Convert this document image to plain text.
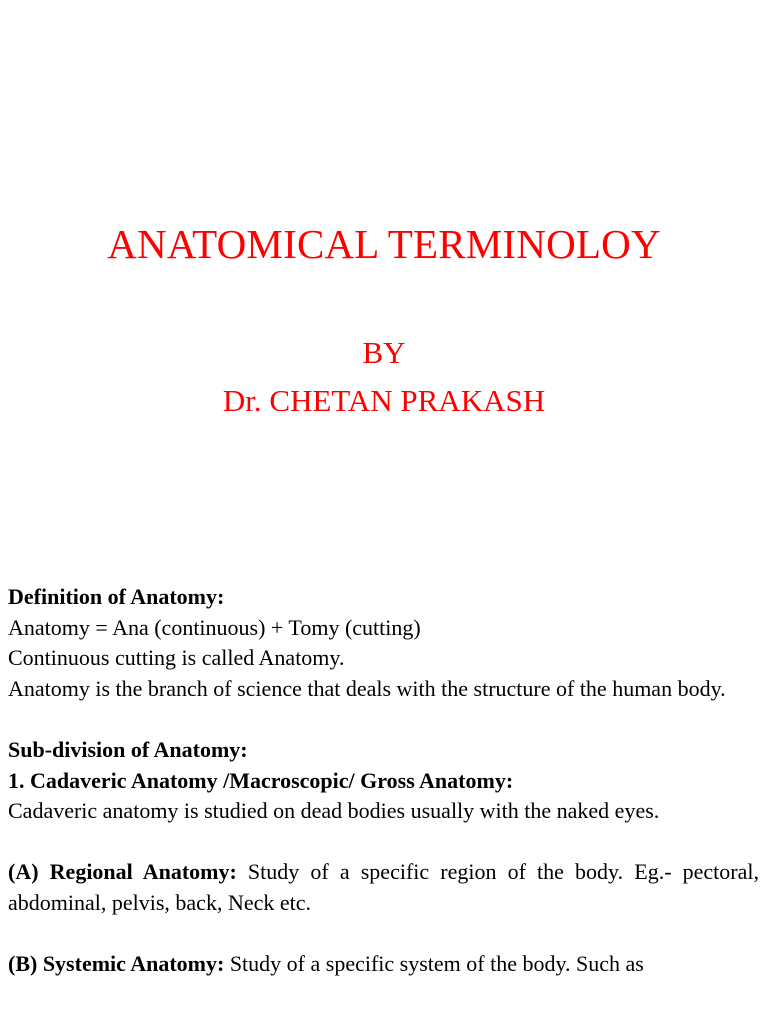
ANATOMICAL TERMINOLOY
BY
Dr. CHETAN PRAKASH

Definition of Anatomy:

Anatomy = Ana (continuous) + Tomy (cutting)

Continuous cutting is called Anatomy.

Anatomy is the branch of science that deals with the structure of the human body.

Sub-division of Anatomy:

1. Cadaveric Anatomy /Macroscopic/ Gross Anatomy:

Cadaveric anatomy is studied on dead bodies usually with the naked eyes.

(A) Regional Anatomy: Study of a specific region of the body. Eg.- pectoral, abdominal, pelvis, back, Neck etc.

(B) Systemic Anatomy: Study of a specific system of the body. Such as
